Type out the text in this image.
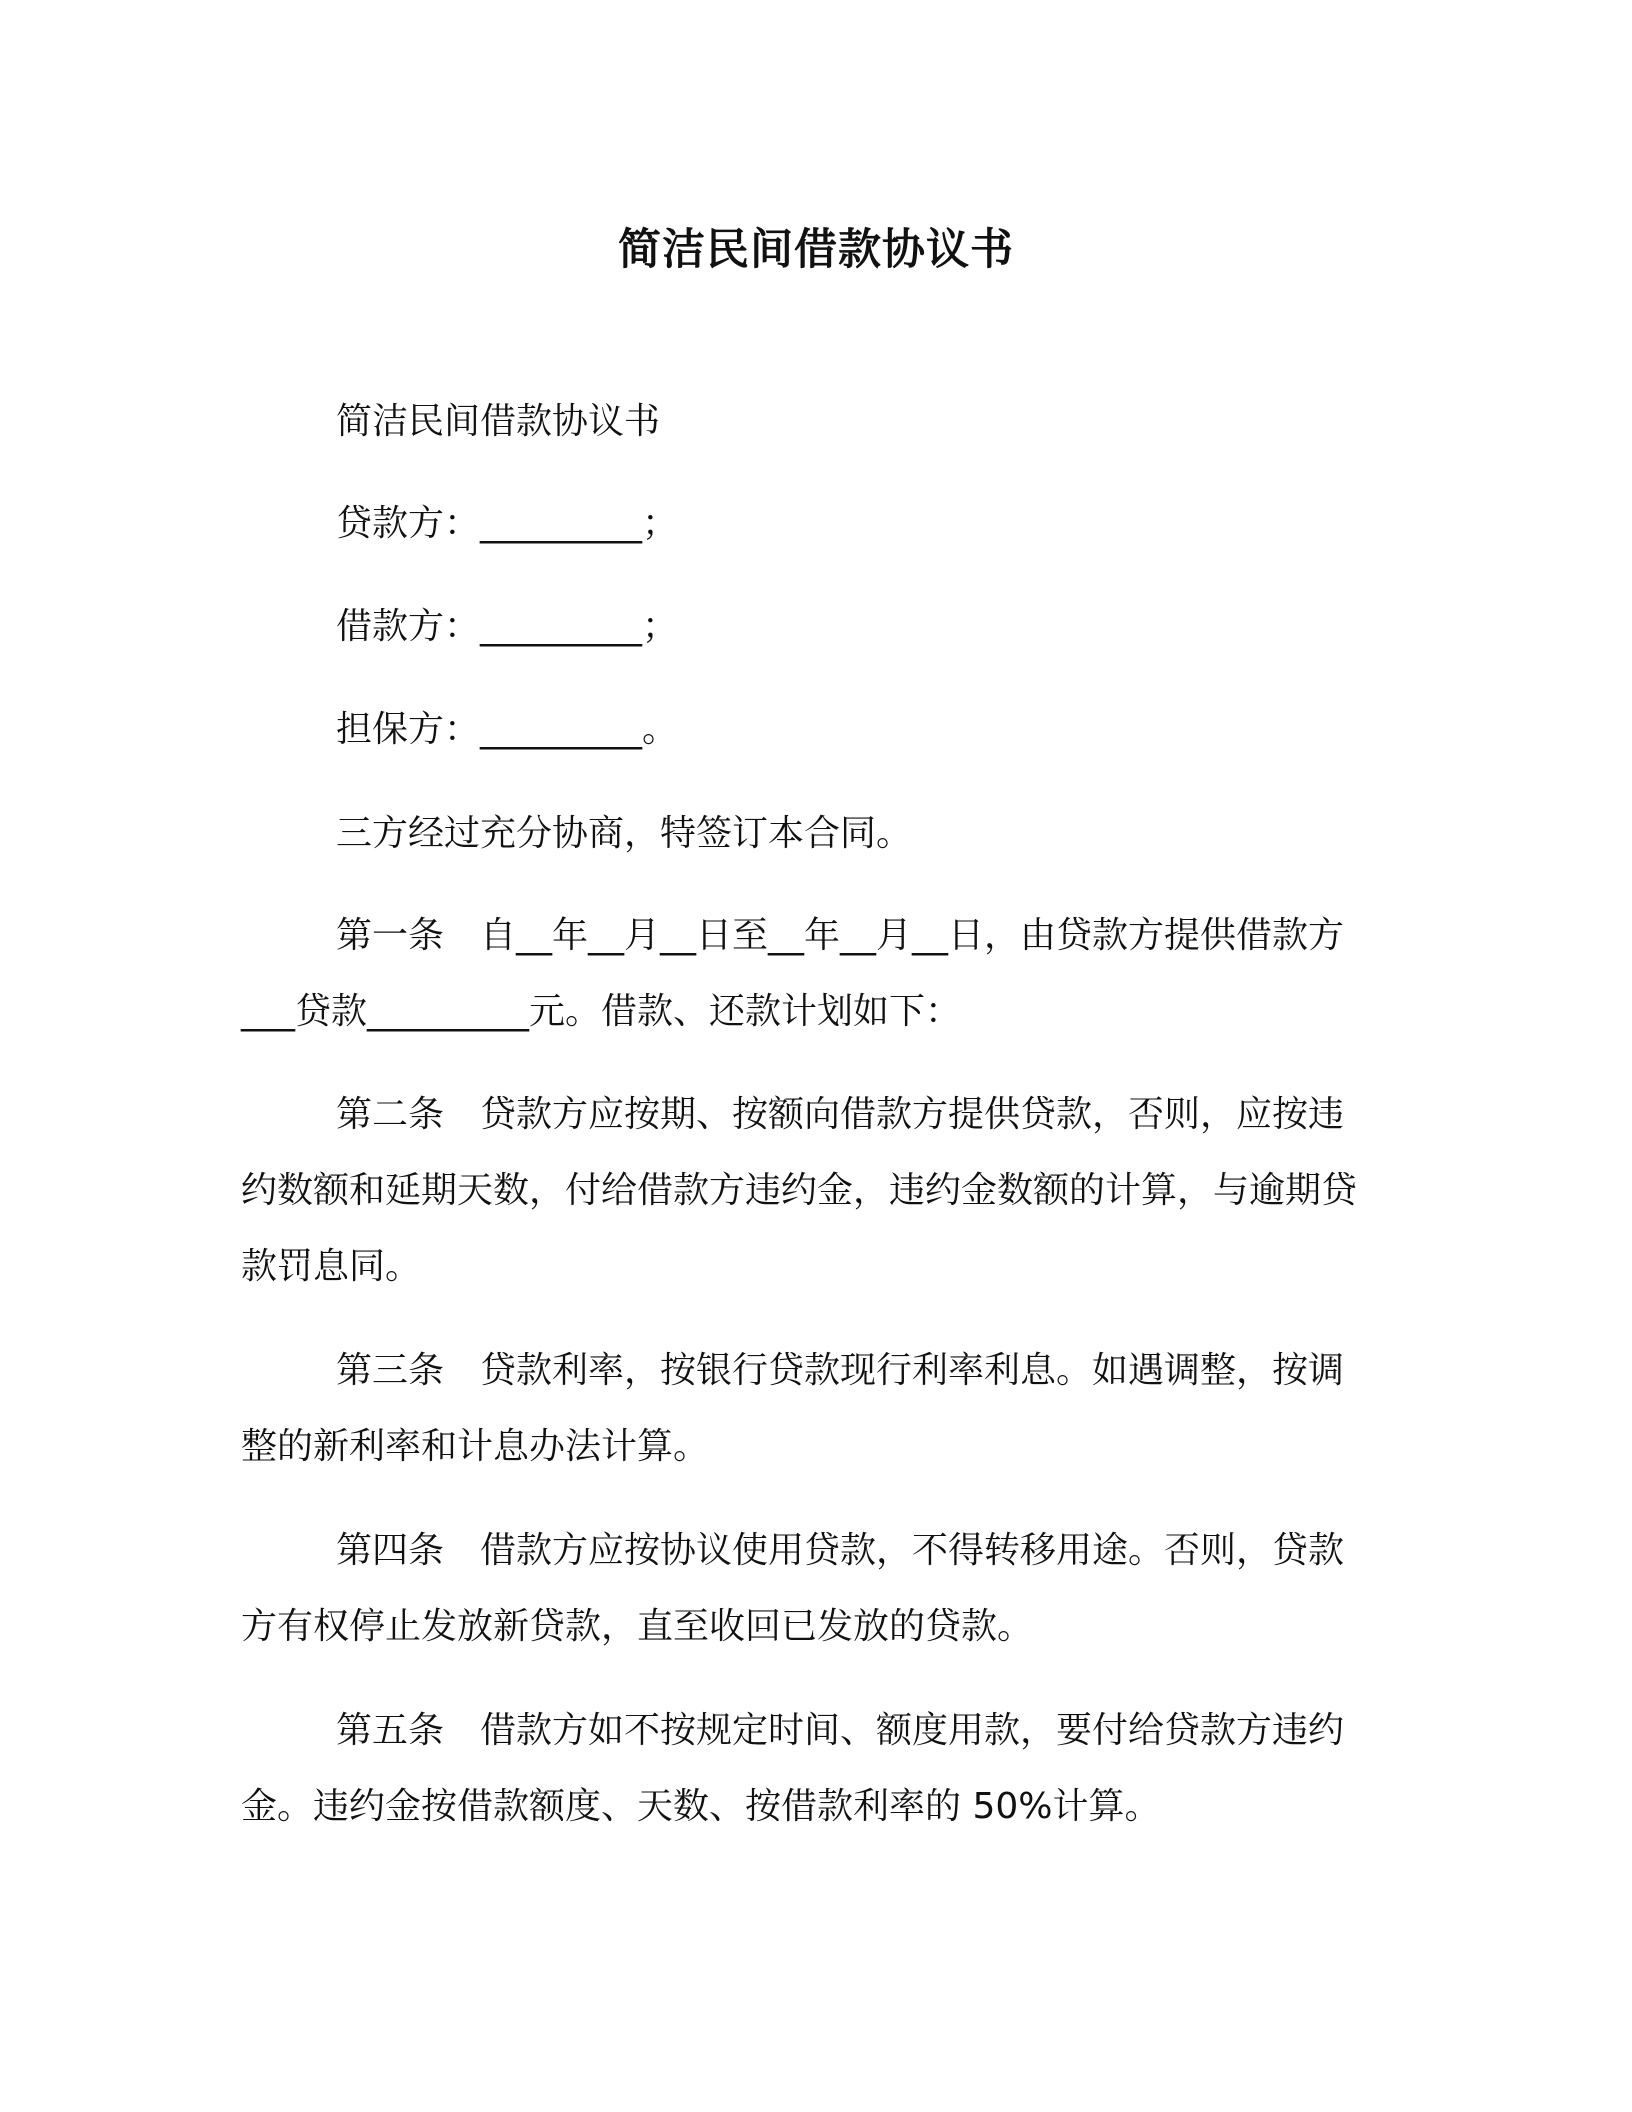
简洁民间借款协议书
简洁民间借款协议书
贷款方：_________；
借款方：_________；
担保方：_________。
三方经过充分协商，特签订本合同。

第一条　自__年__月__日至__年__月__日，由贷款方提供借款方___贷款_________元。借款、还款计划如下：

第二条　贷款方应按期、按额向借款方提供贷款，否则，应按违约数额和延期天数，付给借款方违约金，违约金数额的计算，与逾期贷款罚息同。

第三条　贷款利率，按银行贷款现行利率利息。如遇调整，按调整的新利率和计息办法计算。

第四条　借款方应按协议使用贷款，不得转移用途。否则，贷款方有权停止发放新贷款，直至收回已发放的贷款。

第五条　借款方如不按规定时间、额度用款，要付给贷款方违约金。违约金按借款额度、天数、按借款利率的 50%计算。
